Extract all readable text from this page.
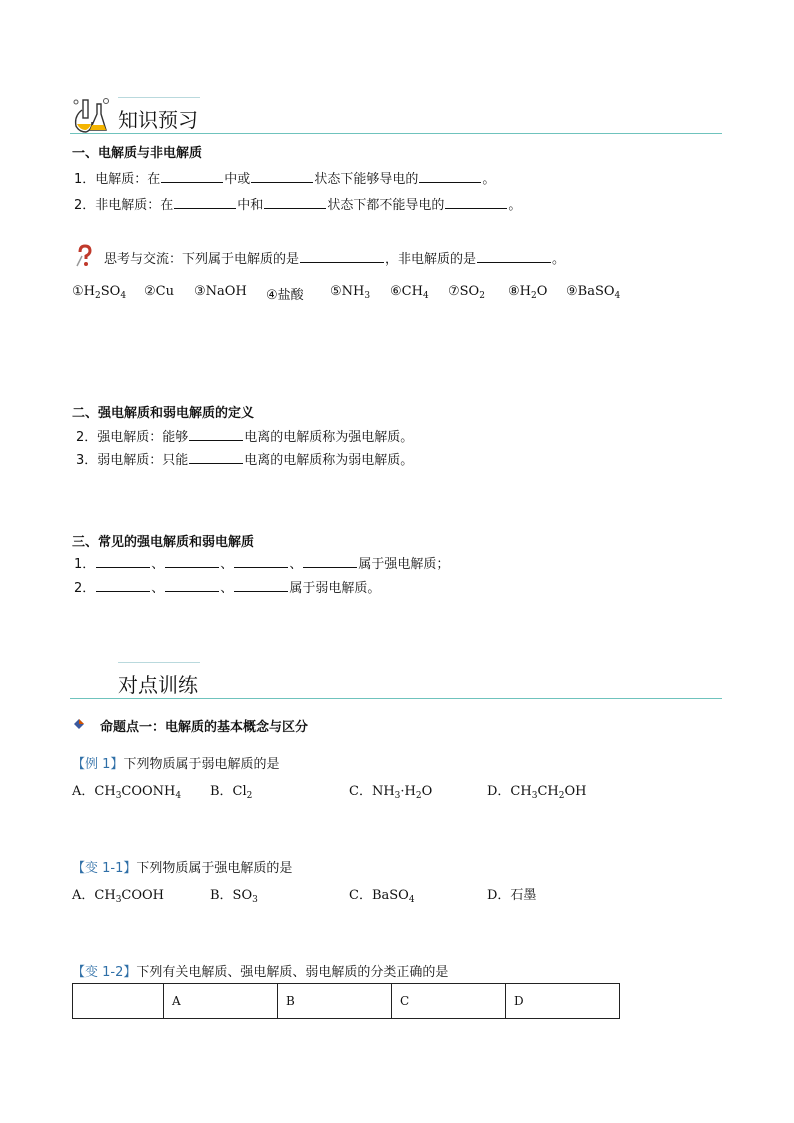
知识预习
一、电解质与非电解质
1．电解质：在	中或	状态下能够导电的	。
2．非电解质：在	中和	状态下都不能导电的	。
思考与交流：下列属于电解质的是	，非电解质的是	。
$①H_2SO_4$ ②Cu ③NaOH ④盐酸 $⑤NH_3$ $⑥CH_4$ $⑦SO_2$ $⑧H_2O$ ⑨BaSO$_4$
二、强电解质和弱电解质的定义
2．强电解质：能够	电离的电解质称为强电解质。
3．弱电解质：只能	电离的电解质称为弱电解质。
三、常见的强电解质和弱电解质
1．	、	、	、	属于强电解质；
2．	、	、	属于弱电解质。
对点训练
命题点一：电解质的基本概念与区分
【例 1】下列物质属于弱电解质的是
A．$CH_3COONH_4$ B．$Cl_2$	C．$NH_3\cdot H_2O$	D．$CH_3CH_2OH$
【变 1-1】下列物质属于强电解质的是
A．$CH_3COOH$	B．$SO_3$	C．BaSO$_4$	D．石墨
【变 1-2】下列有关电解质、强电解质、弱电解质的分类正确的是
	A	B	C	D
